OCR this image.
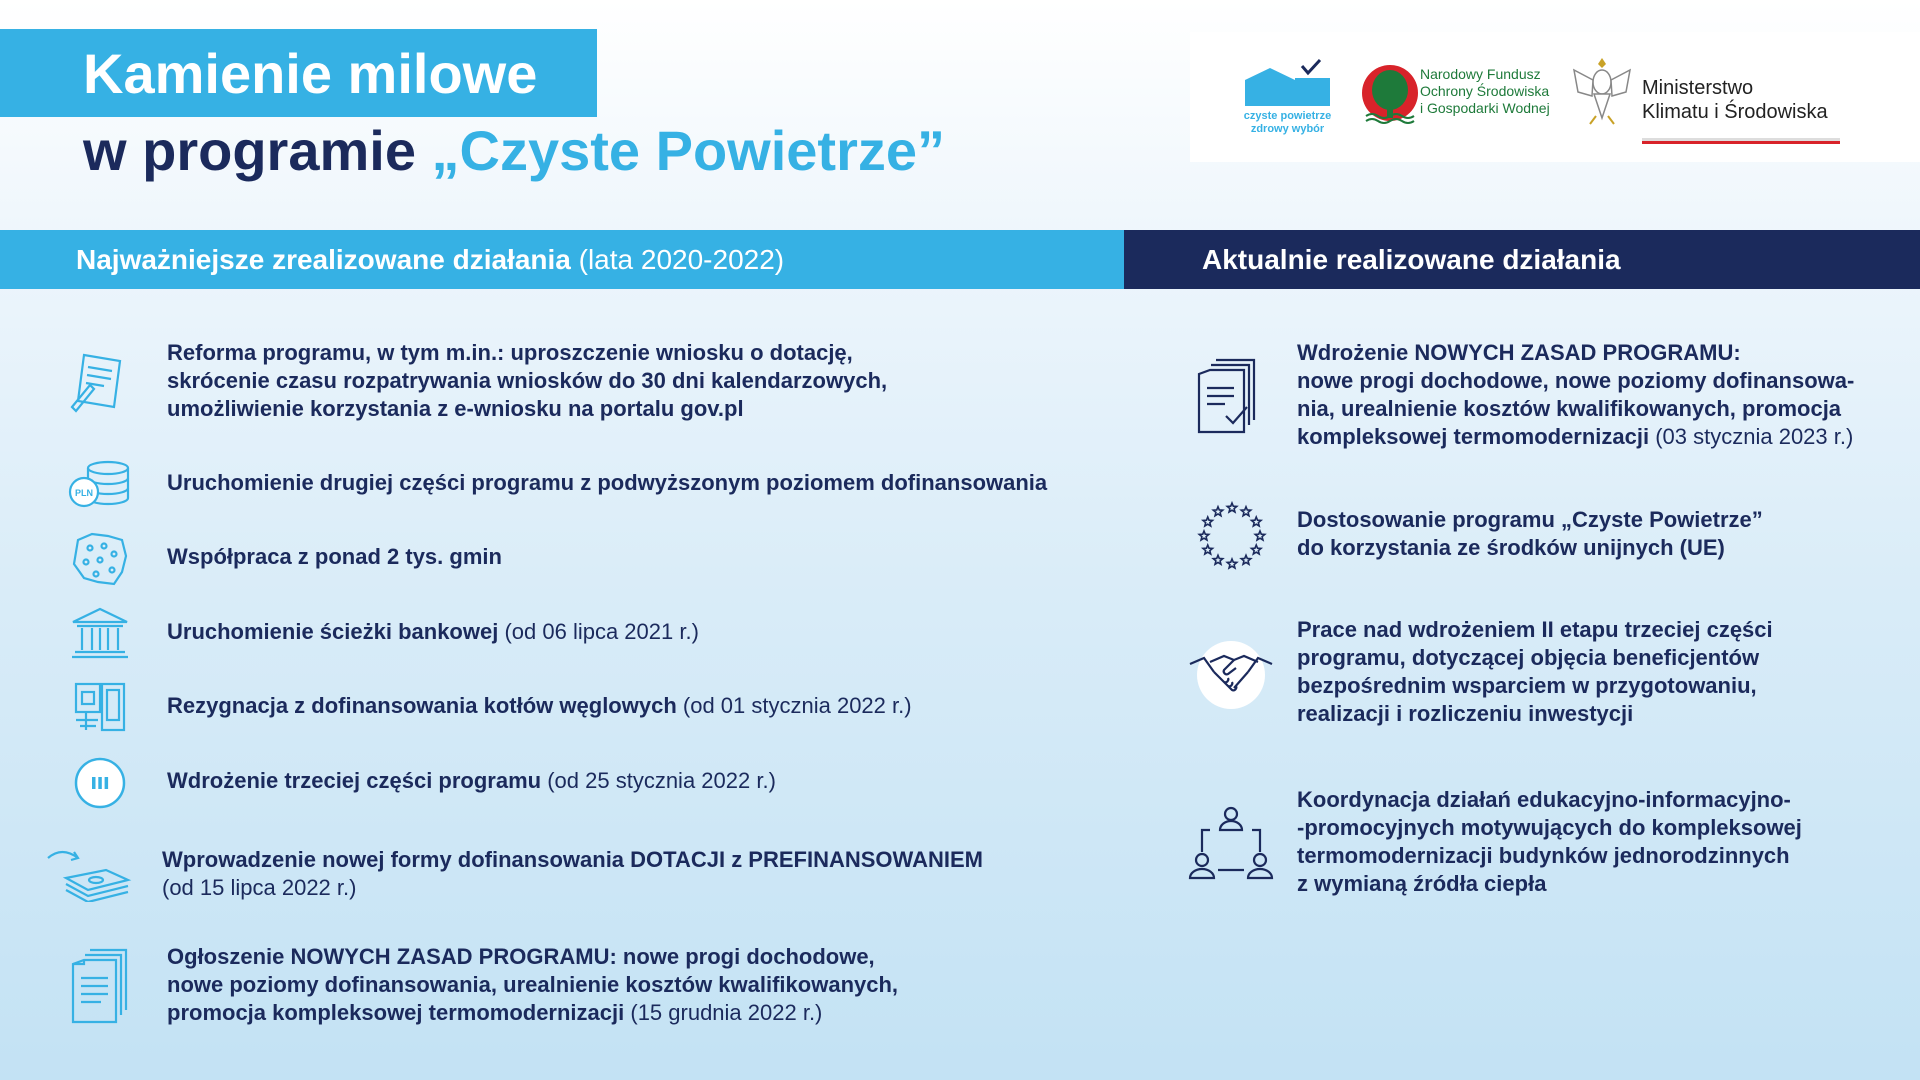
Kamienie milowe
w programie „Czyste Powietrze”
czyste powietrze
zdrowy wybór
Narodowy Fundusz
Ochrony Środowiska
i Gospodarki Wodnej
Ministerstwo
Klimatu i Środowiska
Najważniejsze zrealizowane działania (lata 2020-2022)	Aktualnie realizowane działania
Reforma programu, w tym m.in.: uproszczenie wniosku o dotację,
skrócenie czasu rozpatrywania wniosków do 30 dni kalendarzowych,
umożliwienie korzystania z e-wniosku na portalu gov.pl
PLN	Uruchomienie drugiej części programu z podwyższonym poziomem dofinansowania
Współpraca z ponad 2 tys. gmin
Uruchomienie ścieżki bankowej (od 06 lipca 2021 r.)
Rezygnacja z dofinansowania kotłów węglowych (od 01 stycznia 2022 r.)
Wdrożenie trzeciej części programu (od 25 stycznia 2022 r.)
Wprowadzenie nowej formy dofinansowania DOTACJI z PREFINANSOWANIEM
(od 15 lipca 2022 r.)
Ogłoszenie NOWYCH ZASAD PROGRAMU: nowe progi dochodowe,
nowe poziomy dofinansowania, urealnienie kosztów kwalifikowanych,
promocja kompleksowej termomodernizacji (15 grudnia 2022 r.)
Wdrożenie NOWYCH ZASAD PROGRAMU:
nowe progi dochodowe, nowe poziomy dofinansowa-
nia, urealnienie kosztów kwalifikowanych, promocja
kompleksowej termomodernizacji (03 stycznia 2023 r.)
Dostosowanie programu „Czyste Powietrze”
do korzystania ze środków unijnych (UE)
Prace nad wdrożeniem II etapu trzeciej części
programu, dotyczącej objęcia beneficjentów
bezpośrednim wsparciem w przygotowaniu,
realizacji i rozliczeniu inwestycji
Koordynacja działań edukacyjno-informacyjno-
-promocyjnych motywujących do kompleksowej
termomodernizacji budynków jednorodzinnych
z wymianą źródła ciepła
